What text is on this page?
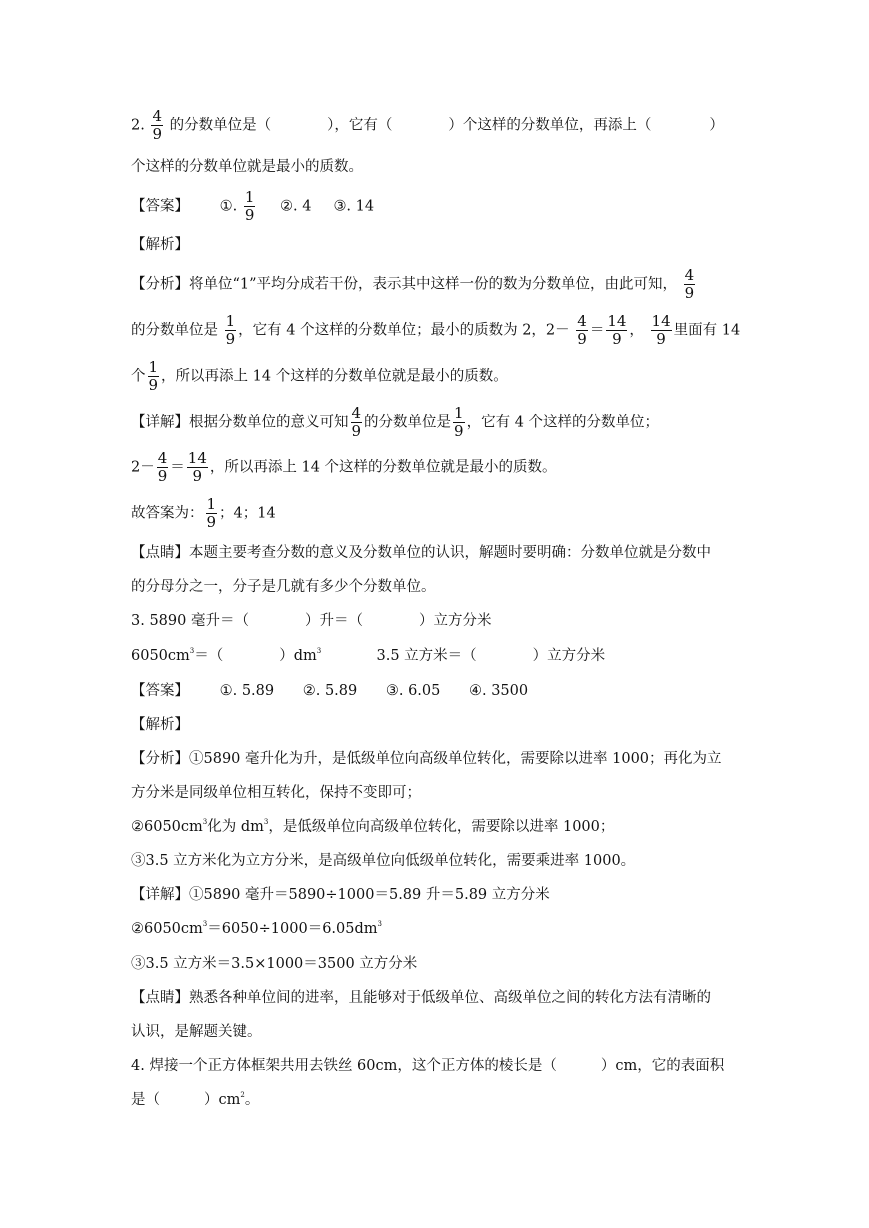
2. $\frac{4}{9}$ 的分数单位是（	），它有（	）个这样的分数单位，再添上（	）
个这样的分数单位就是最小的质数。
【答案】 ①. $\frac{1}{9}$ ②. 4 ③. 14
【解析】
【分析】将单位“1”平均分成若干份，表示其中这样一份的数为分数单位，由此可知， $\frac{4}{9}$
的分数单位是 $\frac{1}{9}$ ，它有 4 个这样的分数单位；最小的质数为 2，$2- \frac{4}{9} = \frac{14}{9}$ ， $\frac{14}{9}$ 里面有 14
个 $\frac{1}{9}$ ，所以再添上 14 个这样的分数单位就是最小的质数。
【详解】根据分数单位的意义可知 $\frac{4}{9}$ 的分数单位是 $\frac{1}{9}$ ，它有 4 个这样的分数单位；
$2- \frac{4}{9} = \frac{14}{9}$ ，所以再添上 14 个这样的分数单位就是最小的质数。
故答案为： $\frac{1}{9}$ ；4；14
【点睛】本题主要考查分数的意义及分数单位的认识，解题时要明确：分数单位就是分数中
的分母分之一，分子是几就有多少个分数单位。
3. 5890 毫升＝（	）升＝（	）立方分米
$6050cm^3=$（	）$dm^3$	3.5 立方米＝（	）立方分米
【答案】 ①. 5.89 ②. 5.89 ③. 6.05 ④. 3500
【解析】
【分析】①5890 毫升化为升，是低级单位向高级单位转化，需要除以进率 1000；再化为立
方分米是同级单位相互转化，保持不变即可；
$②6050cm^3$化为 $dm^3$，是低级单位向高级单位转化，需要除以进率 1000；
③3.5 立方米化为立方分米，是高级单位向低级单位转化，需要乘进率 1000。
【详解】①5890 毫升＝5890÷1000＝5.89 升＝5.89 立方分米
$②6050cm^3=6050\div 1000=6.05dm^3$
③3.5 立方米＝3.5×1000＝3500 立方分米
【点睛】熟悉各种单位间的进率，且能够对于低级单位、高级单位之间的转化方法有清晰的
认识，是解题关键。
4. 焊接一个正方体框架共用去铁丝 60cm，这个正方体的棱长是（	）cm，它的表面积
是（	）$cm^2$。
